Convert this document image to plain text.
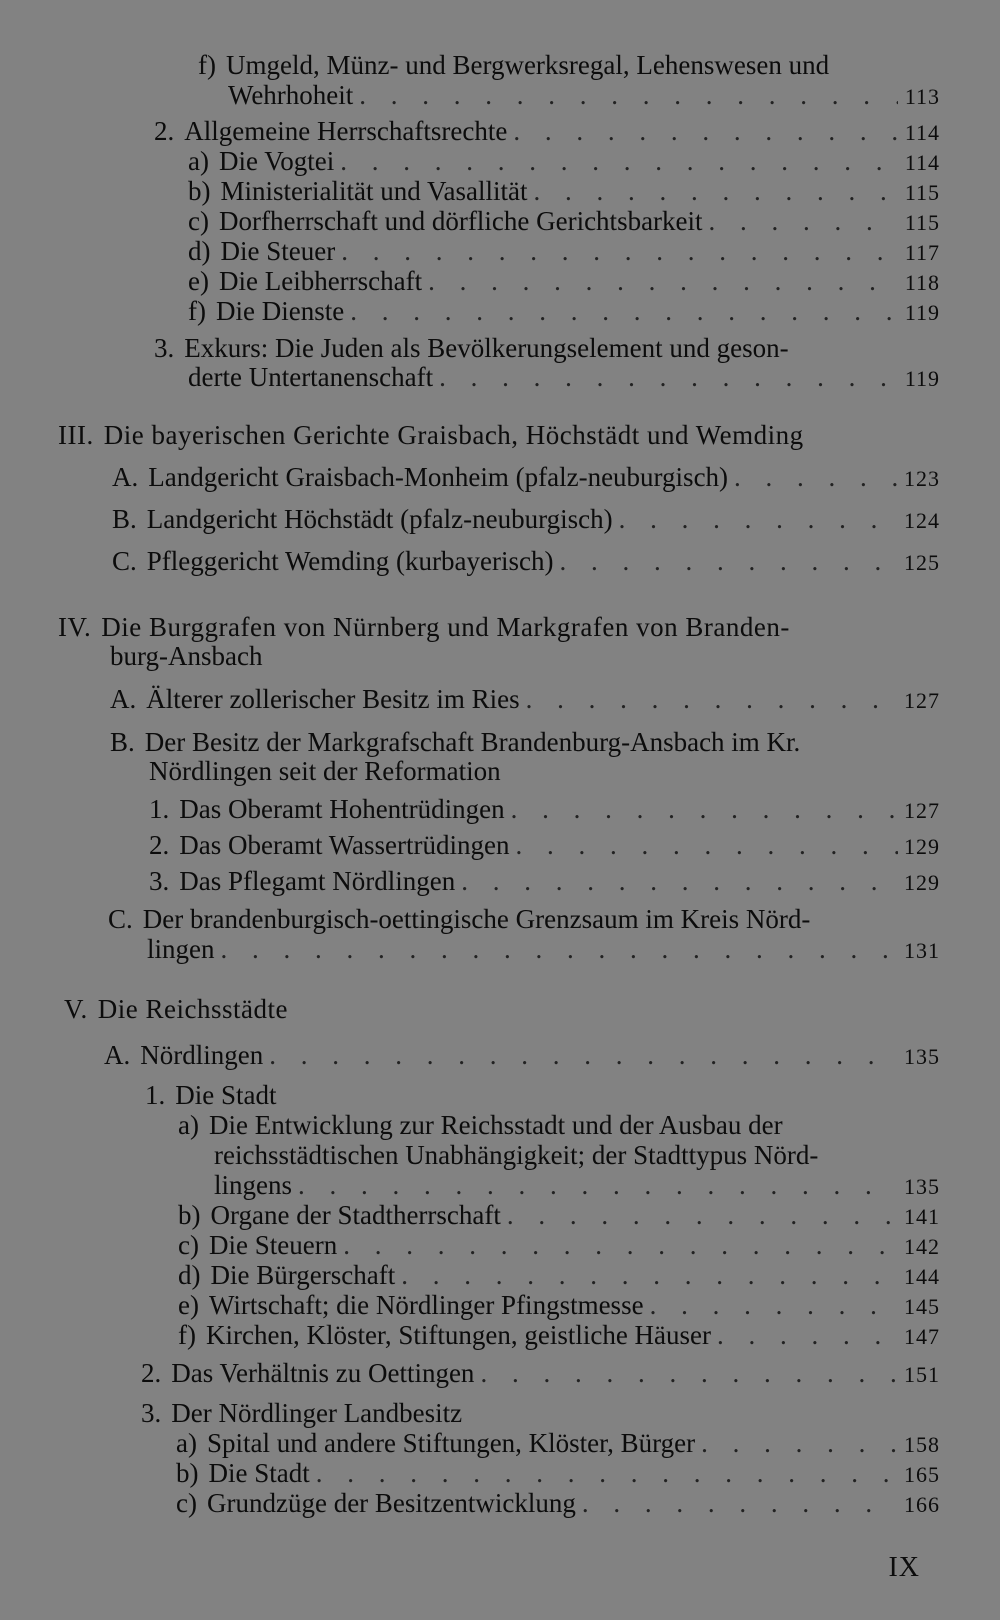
f) Umgeld, Münz- und Bergwerksregal, Lehenswesen und
Wehrhoheit . . .	113
2. Allgemeine Herrschaftsrechte . . .	114
a) Die Vogtei . . .	114
b) Ministerialität und Vasallität . . .	115
c) Dorfherrschaft und dörfliche Gerichtsbarkeit . . .	115
d) Die Steuer . . .	117
e) Die Leibherrschaft . . .	118
f) Die Dienste . . .	119
3. Exkurs: Die Juden als Bevölkerungselement und geson-
derte Untertanenschaft . . .	119
III. Die bayerischen Gerichte Graisbach, Höchstädt und Wemding
A. Landgericht Graisbach-Monheim (pfalz-neuburgisch) . . .	123
B. Landgericht Höchstädt (pfalz-neuburgisch) . . .	124
C. Pfleggericht Wemding (kurbayerisch) . . .	125
IV. Die Burggrafen von Nürnberg und Markgrafen von Branden-
burg-Ansbach
A. Älterer zollerischer Besitz im Ries . . .	127
B. Der Besitz der Markgrafschaft Brandenburg-Ansbach im Kr.
Nördlingen seit der Reformation
1. Das Oberamt Hohentrüdingen . . .	127
2. Das Oberamt Wassertrüdingen . . .	129
3. Das Pflegamt Nördlingen . . .	129
C. Der brandenburgisch-oettingische Grenzsaum im Kreis Nörd-
lingen . . .	131
V. Die Reichsstädte
A. Nördlingen . . .	135
1. Die Stadt
a) Die Entwicklung zur Reichsstadt und der Ausbau der
reichsstädtischen Unabhängigkeit; der Stadttypus Nörd-
lingens . . .	135
b) Organe der Stadtherrschaft . . .	141
c) Die Steuern . . .	142
d) Die Bürgerschaft . . .	144
e) Wirtschaft; die Nördlinger Pfingstmesse . . .	145
f) Kirchen, Klöster, Stiftungen, geistliche Häuser . . .	147
2. Das Verhältnis zu Oettingen . . .	151
3. Der Nördlinger Landbesitz
a) Spital und andere Stiftungen, Klöster, Bürger . . .	158
b) Die Stadt . . .	165
c) Grundzüge der Besitzentwicklung . . .	166
IX
